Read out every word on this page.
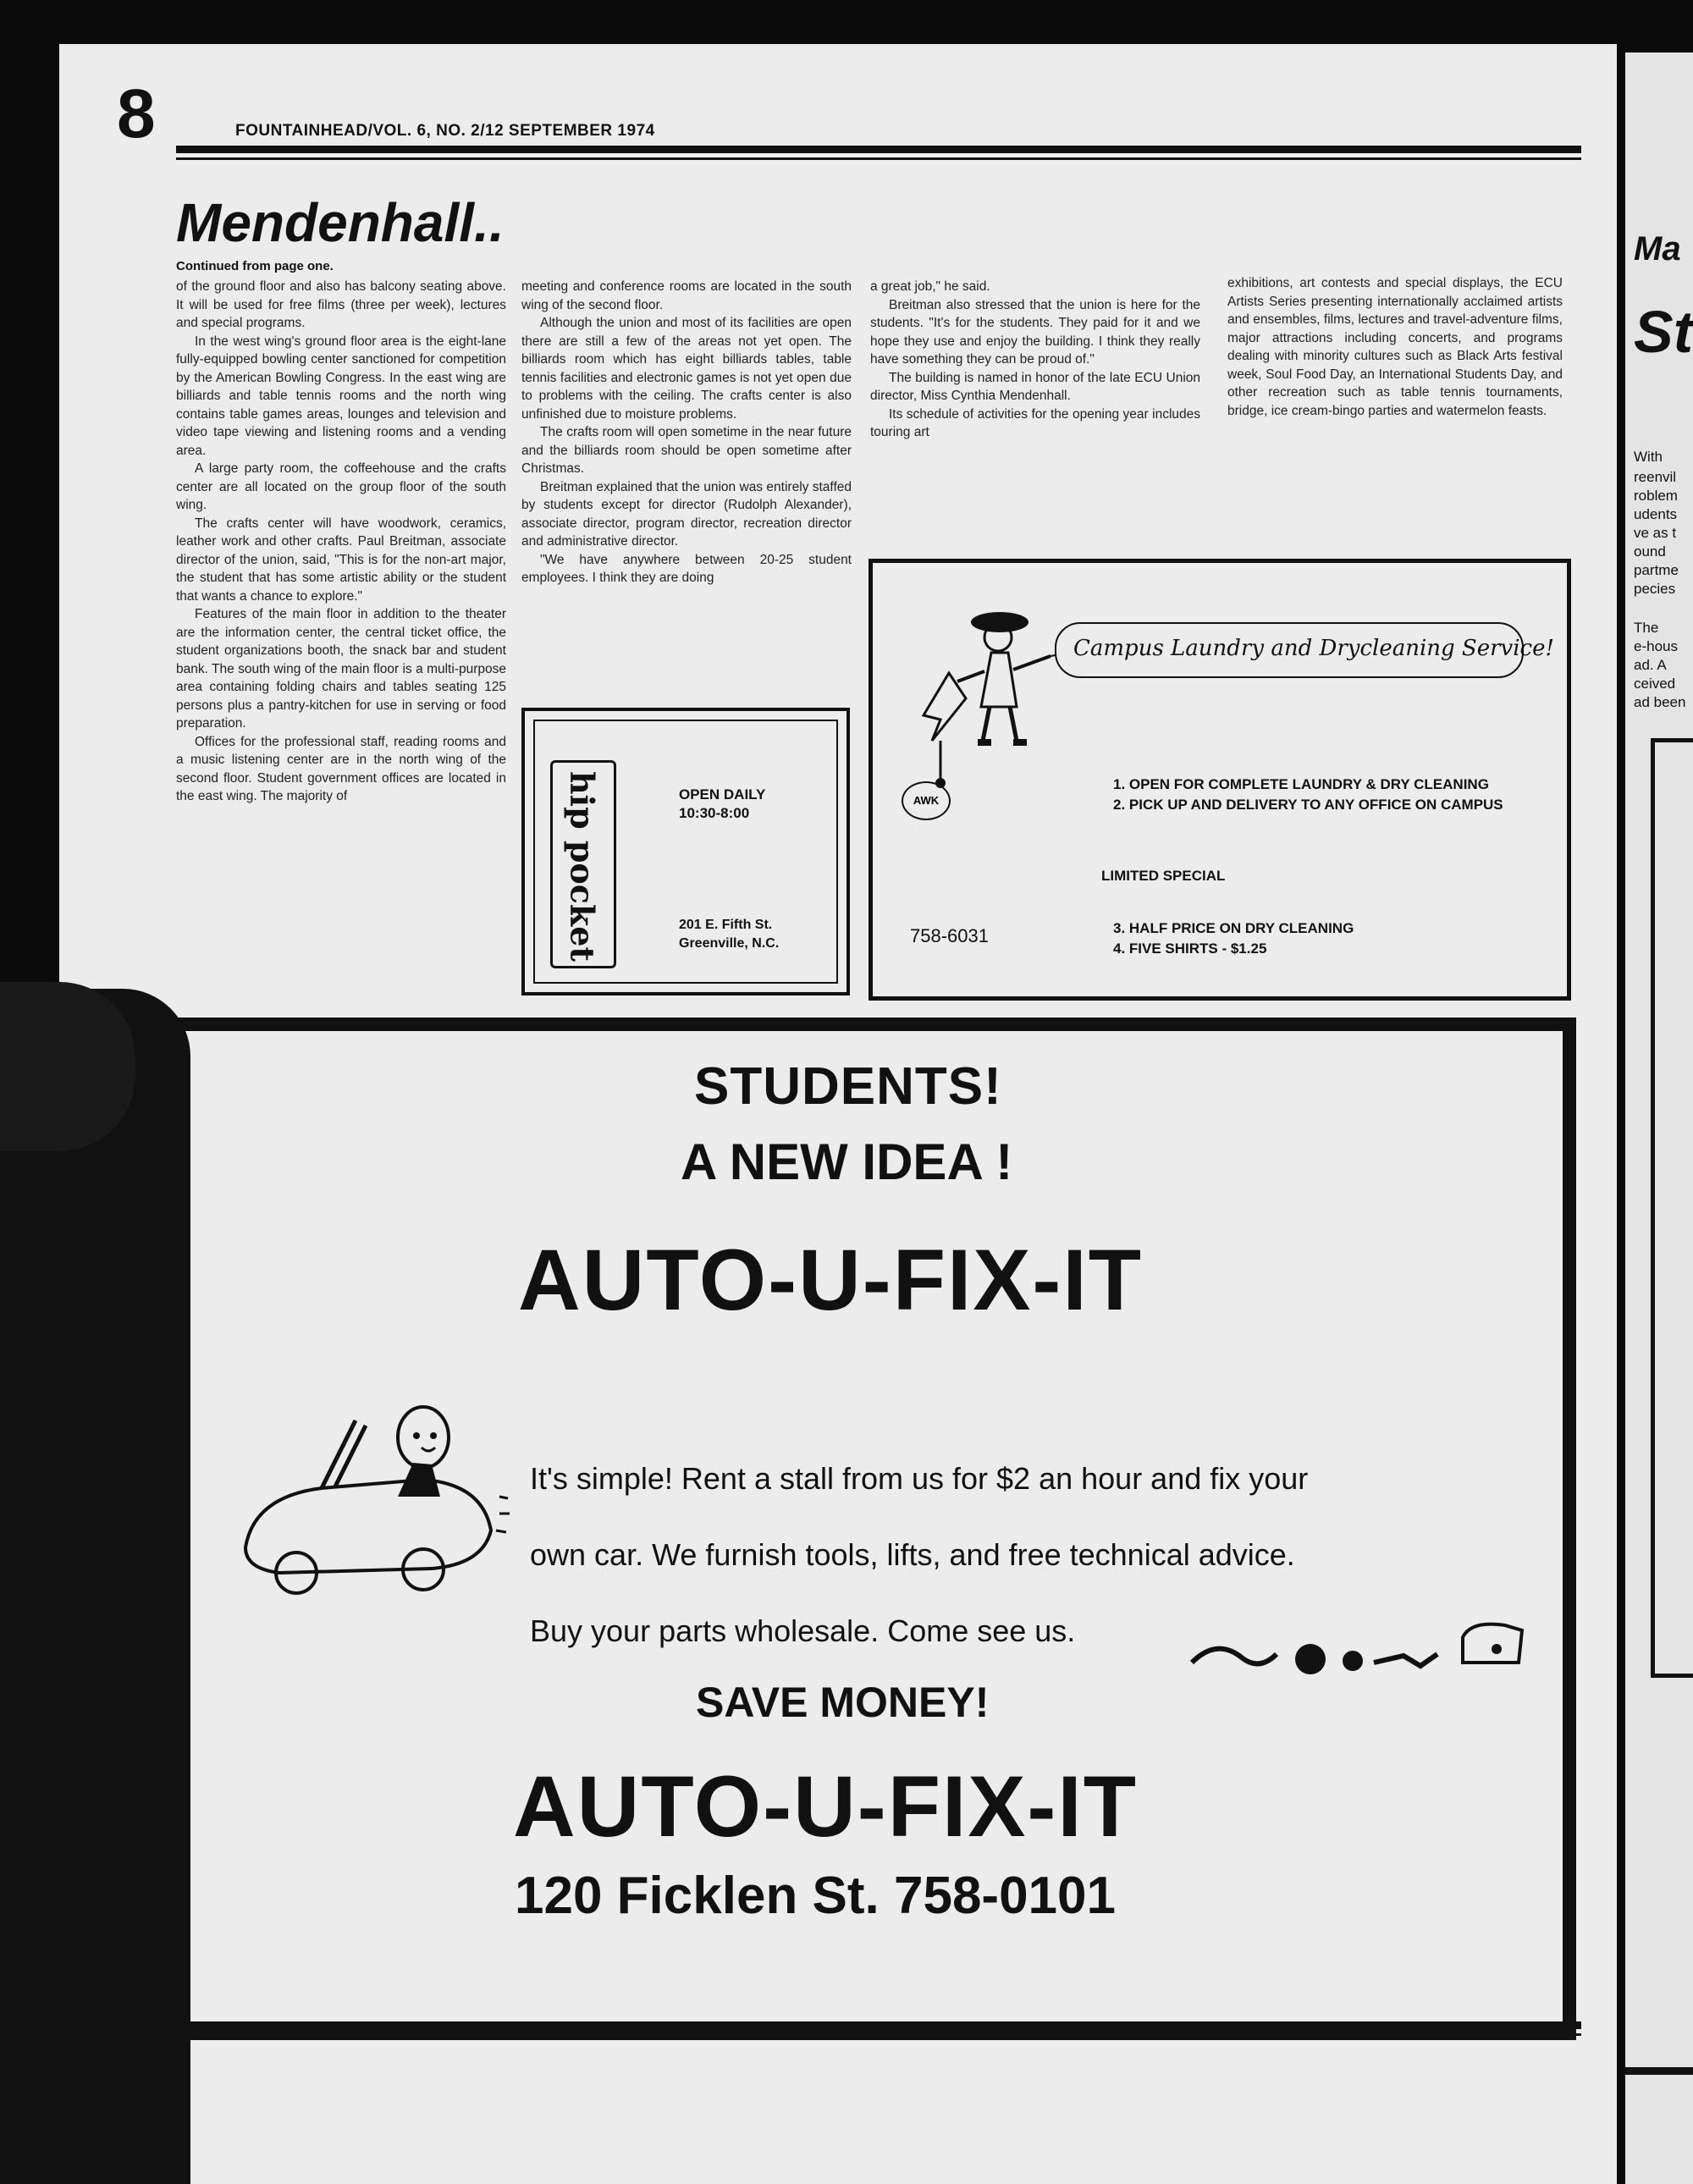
8	FOUNTAINHEAD/VOL. 6, NO. 2/12 SEPTEMBER 1974
Mendenhall..
Continued from page one.

of the ground floor and also has balcony seating above. It will be used for free films (three per week), lectures and special programs.

In the west wing's ground floor area is the eight-lane fully-equipped bowling center sanctioned for competition by the American Bowling Congress. In the east wing are billiards and table tennis rooms and the north wing contains table games areas, lounges and television and video tape viewing and listening rooms and a vending area.

A large party room, the coffeehouse and the crafts center are all located on the group floor of the south wing.

The crafts center will have woodwork, ceramics, leather work and other crafts. Paul Breitman, associate director of the union, said, "This is for the non-art major, the student that has some artistic ability or the student that wants a chance to explore."

Features of the main floor in addition to the theater are the information center, the central ticket office, the student organizations booth, the snack bar and student bank. The south wing of the main floor is a multi-purpose area containing folding chairs and tables seating 125 persons plus a pantry-kitchen for use in serving or food preparation.

Offices for the professional staff, reading rooms and a music listening center are in the north wing of the second floor. Student government offices are located in the east wing. The majority of

meeting and conference rooms are located in the south wing of the second floor.

Although the union and most of its facilities are open there are still a few of the areas not yet open. The billiards room which has eight billiards tables, table tennis facilities and electronic games is not yet open due to problems with the ceiling. The crafts center is also unfinished due to moisture problems.

The crafts room will open sometime in the near future and the billiards room should be open sometime after Christmas.

Breitman explained that the union was entirely staffed by students except for director (Rudolph Alexander), associate director, program director, recreation director and administrative director.

"We have anywhere between 20-25 student employees. I think they are doing

a great job," he said.

Breitman also stressed that the union is here for the students. "It's for the students. They paid for it and we hope they use and enjoy the building. I think they really have something they can be proud of."

The building is named in honor of the late ECU Union director, Miss Cynthia Mendenhall.

Its schedule of activities for the opening year includes touring art

exhibitions, art contests and special displays, the ECU Artists Series presenting internationally acclaimed artists and ensembles, films, lectures and travel-adventure films, major attractions including concerts, and programs dealing with minority cultures such as Black Arts festival week, Soul Food Day, an International Students Day, and other recreation such as table tennis tournaments, bridge, ice cream-bingo parties and watermelon feasts.

hip pocket	OPEN DAILY
10:30-8:00
201 E. Fifth St.
Greenville, N.C.
Campus Laundry and Drycleaning Service!
AWK
1. OPEN FOR COMPLETE LAUNDRY & DRY CLEANING
2. PICK UP AND DELIVERY TO ANY OFFICE ON CAMPUS
LIMITED SPECIAL
3. HALF PRICE ON DRY CLEANING
4. FIVE SHIRTS - $1.25
758-6031
STUDENTS!
A NEW IDEA !
AUTO-U-FIX-IT
It's simple! Rent a stall from us for $2 an hour and fix your
own car. We furnish tools, lifts, and free technical advice.
Buy your parts wholesale. Come see us.
SAVE MONEY!
AUTO-U-FIX-IT
120 Ficklen St. 758-0101
Ma
St
With
reenvil
roblem
udents
ve as t
ound
partme
pecies
The
e-hous
ad. A
ceived
ad been
